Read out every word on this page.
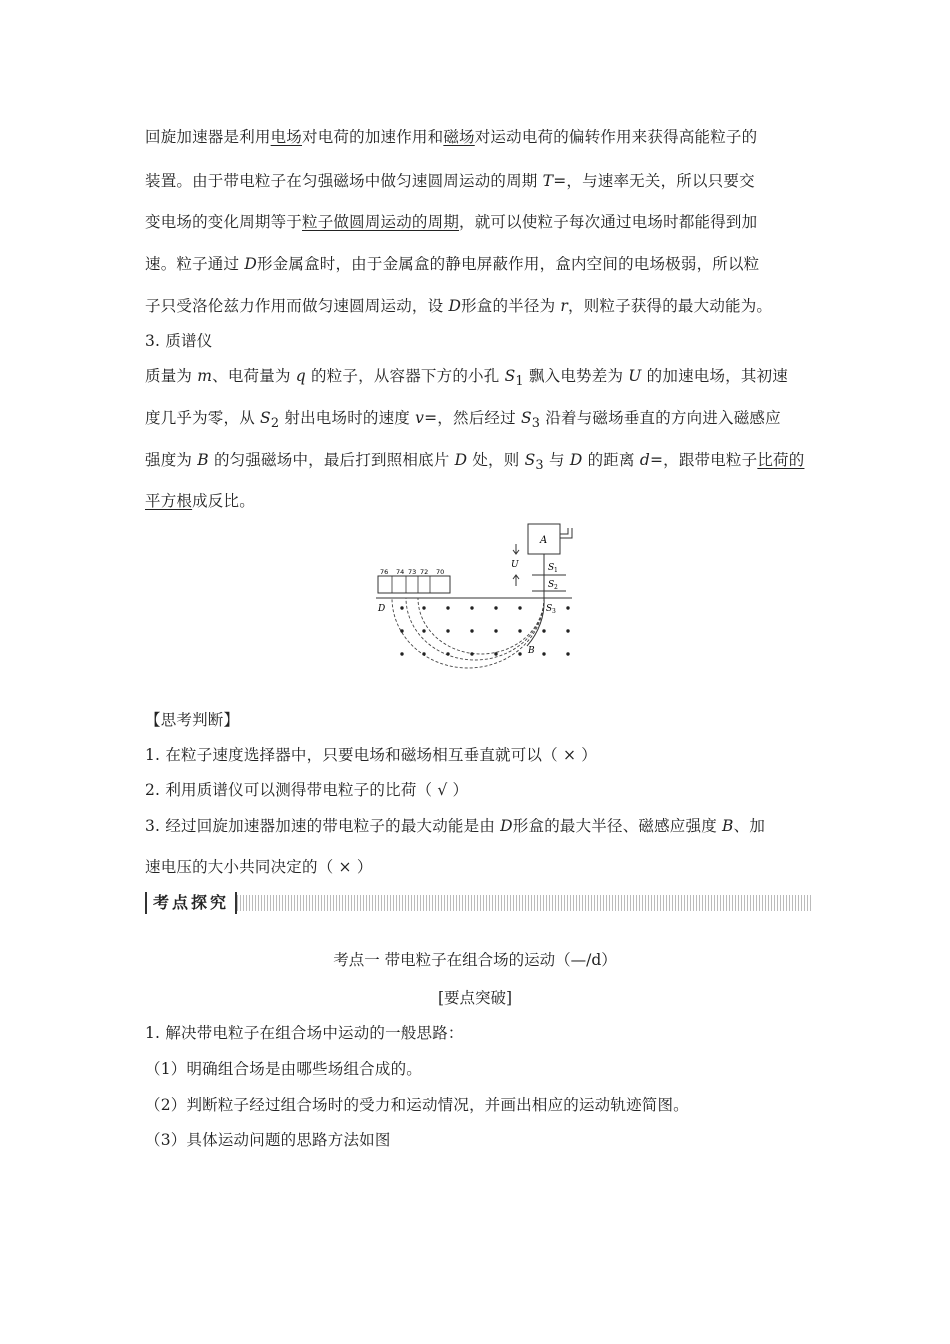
回旋加速器是利用电场对电荷的加速作用和磁场对运动电荷的偏转作用来获得高能粒子的
装置。由于带电粒子在匀强磁场中做匀速圆周运动的周期 T=，与速率无关，所以只要交
变电场的变化周期等于粒子做圆周运动的周期，就可以使粒子每次通过电场时都能得到加
速。粒子通过 D形金属盒时，由于金属盒的静电屏蔽作用，盒内空间的电场极弱，所以粒
子只受洛伦兹力作用而做匀速圆周运动，设 D形盒的半径为 r，则粒子获得的最大动能为。
3. 质谱仪
质量为 m、电荷量为 q 的粒子，从容器下方的小孔 $S_1$ 飘入电势差为 U 的加速电场，其初速
度几乎为零，从 $S_2$ 射出电场时的速度 v=，然后经过 $S_3$ 沿着与磁场垂直的方向进入磁感应
强度为 B 的匀强磁场中，最后打到照相底片 D 处，则 $S_3$ 与 D 的距离 d=，跟带电粒子比荷的
平方根成反比。
A
S 1
S 2
U
76 74 73 72 70
S 3
D
B
【思考判断】
1. 在粒子速度选择器中，只要电场和磁场相互垂直就可以（ × ）
2. 利用质谱仪可以测得带电粒子的比荷（ √ ）
3. 经过回旋加速器加速的带电粒子的最大动能是由 D形盒的最大半径、磁感应强度 B、加
速电压的大小共同决定的（ × ）
考点探究
考点一 带电粒子在组合场的运动（—/d）
[要点突破]
1. 解决带电粒子在组合场中运动的一般思路：
（1）明确组合场是由哪些场组合成的。
（2）判断粒子经过组合场时的受力和运动情况，并画出相应的运动轨迹简图。
（3）具体运动问题的思路方法如图
